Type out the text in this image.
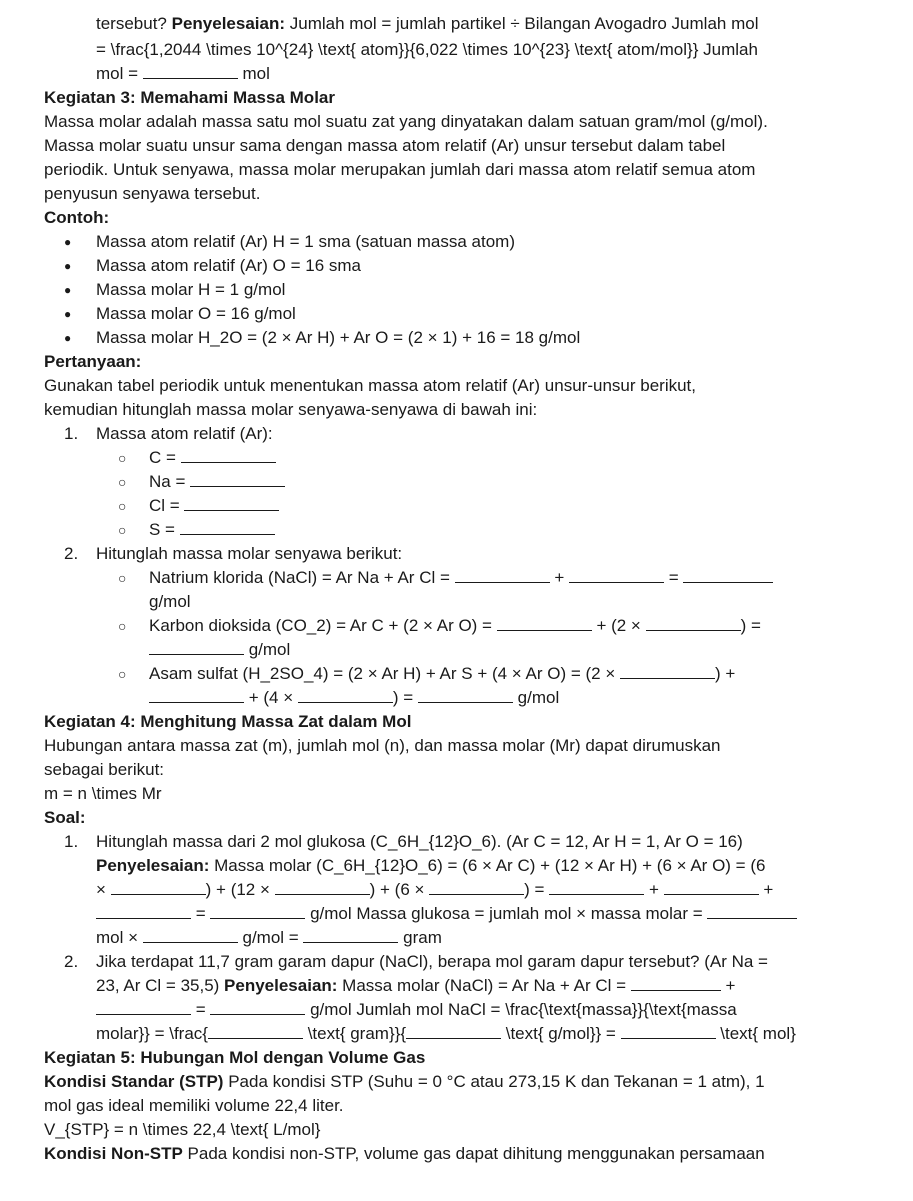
tersebut? Penyelesaian: Jumlah mol = jumlah partikel ÷ Bilangan Avogadro Jumlah mol
= \frac{1,2044 \times 10^{24} \text{ atom}}{6,022 \times 10^{23} \text{ atom/mol}} Jumlah
mol =	mol
Kegiatan 3: Memahami Massa Molar
Massa molar adalah massa satu mol suatu zat yang dinyatakan dalam satuan gram/mol (g/mol).
Massa molar suatu unsur sama dengan massa atom relatif (Ar) unsur tersebut dalam tabel
periodik. Untuk senyawa, massa molar merupakan jumlah dari massa atom relatif semua atom
penyusun senyawa tersebut.
Contoh:
● Massa atom relatif (Ar) H = 1 sma (satuan massa atom)
● Massa atom relatif (Ar) O = 16 sma
● Massa molar H = 1 g/mol
● Massa molar O = 16 g/mol
● Massa molar H_2O = (2 × Ar H) + Ar O = (2 × 1) + 16 = 18 g/mol
Pertanyaan:
Gunakan tabel periodik untuk menentukan massa atom relatif (Ar) unsur-unsur berikut,
kemudian hitunglah massa molar senyawa-senyawa di bawah ini:
1. Massa atom relatif (Ar):
○ C =
○ Na =
○ Cl =
○ S =
2. Hitunglah massa molar senyawa berikut:
○ Natrium klorida (NaCl) = Ar Na + Ar Cl =	+	=
g/mol
○ Karbon dioksida (CO_2) = Ar C + (2 × Ar O) =	+ (2 ×	) =
g/mol
○ Asam sulfat (H_2SO_4) = (2 × Ar H) + Ar S + (4 × Ar O) = (2 ×	) +
+ (4 ×	) =	g/mol
Kegiatan 4: Menghitung Massa Zat dalam Mol
Hubungan antara massa zat (m), jumlah mol (n), dan massa molar (Mr) dapat dirumuskan
sebagai berikut:
m = n \times Mr
Soal:
1. Hitunglah massa dari 2 mol glukosa (C_6H_{12}O_6). (Ar C = 12, Ar H = 1, Ar O = 16)
Penyelesaian: Massa molar (C_6H_{12}O_6) = (6 × Ar C) + (12 × Ar H) + (6 × Ar O) = (6
×	) + (12 ×	) + (6 ×	) =	+	+
=	g/mol Massa glukosa = jumlah mol × massa molar =
mol ×	g/mol =	gram
2. Jika terdapat 11,7 gram garam dapur (NaCl), berapa mol garam dapur tersebut? (Ar Na =
23, Ar Cl = 35,5) Penyelesaian: Massa molar (NaCl) = Ar Na + Ar Cl =	+
=	g/mol Jumlah mol NaCl = \frac{\text{massa}}{\text{massa
molar}} = \frac{	\text{ gram}}{	\text{ g/mol}} =	\text{ mol}
Kegiatan 5: Hubungan Mol dengan Volume Gas
Kondisi Standar (STP) Pada kondisi STP (Suhu = 0 °C atau 273,15 K dan Tekanan = 1 atm), 1
mol gas ideal memiliki volume 22,4 liter.
V_{STP} = n \times 22,4 \text{ L/mol}
Kondisi Non-STP Pada kondisi non-STP, volume gas dapat dihitung menggunakan persamaan
